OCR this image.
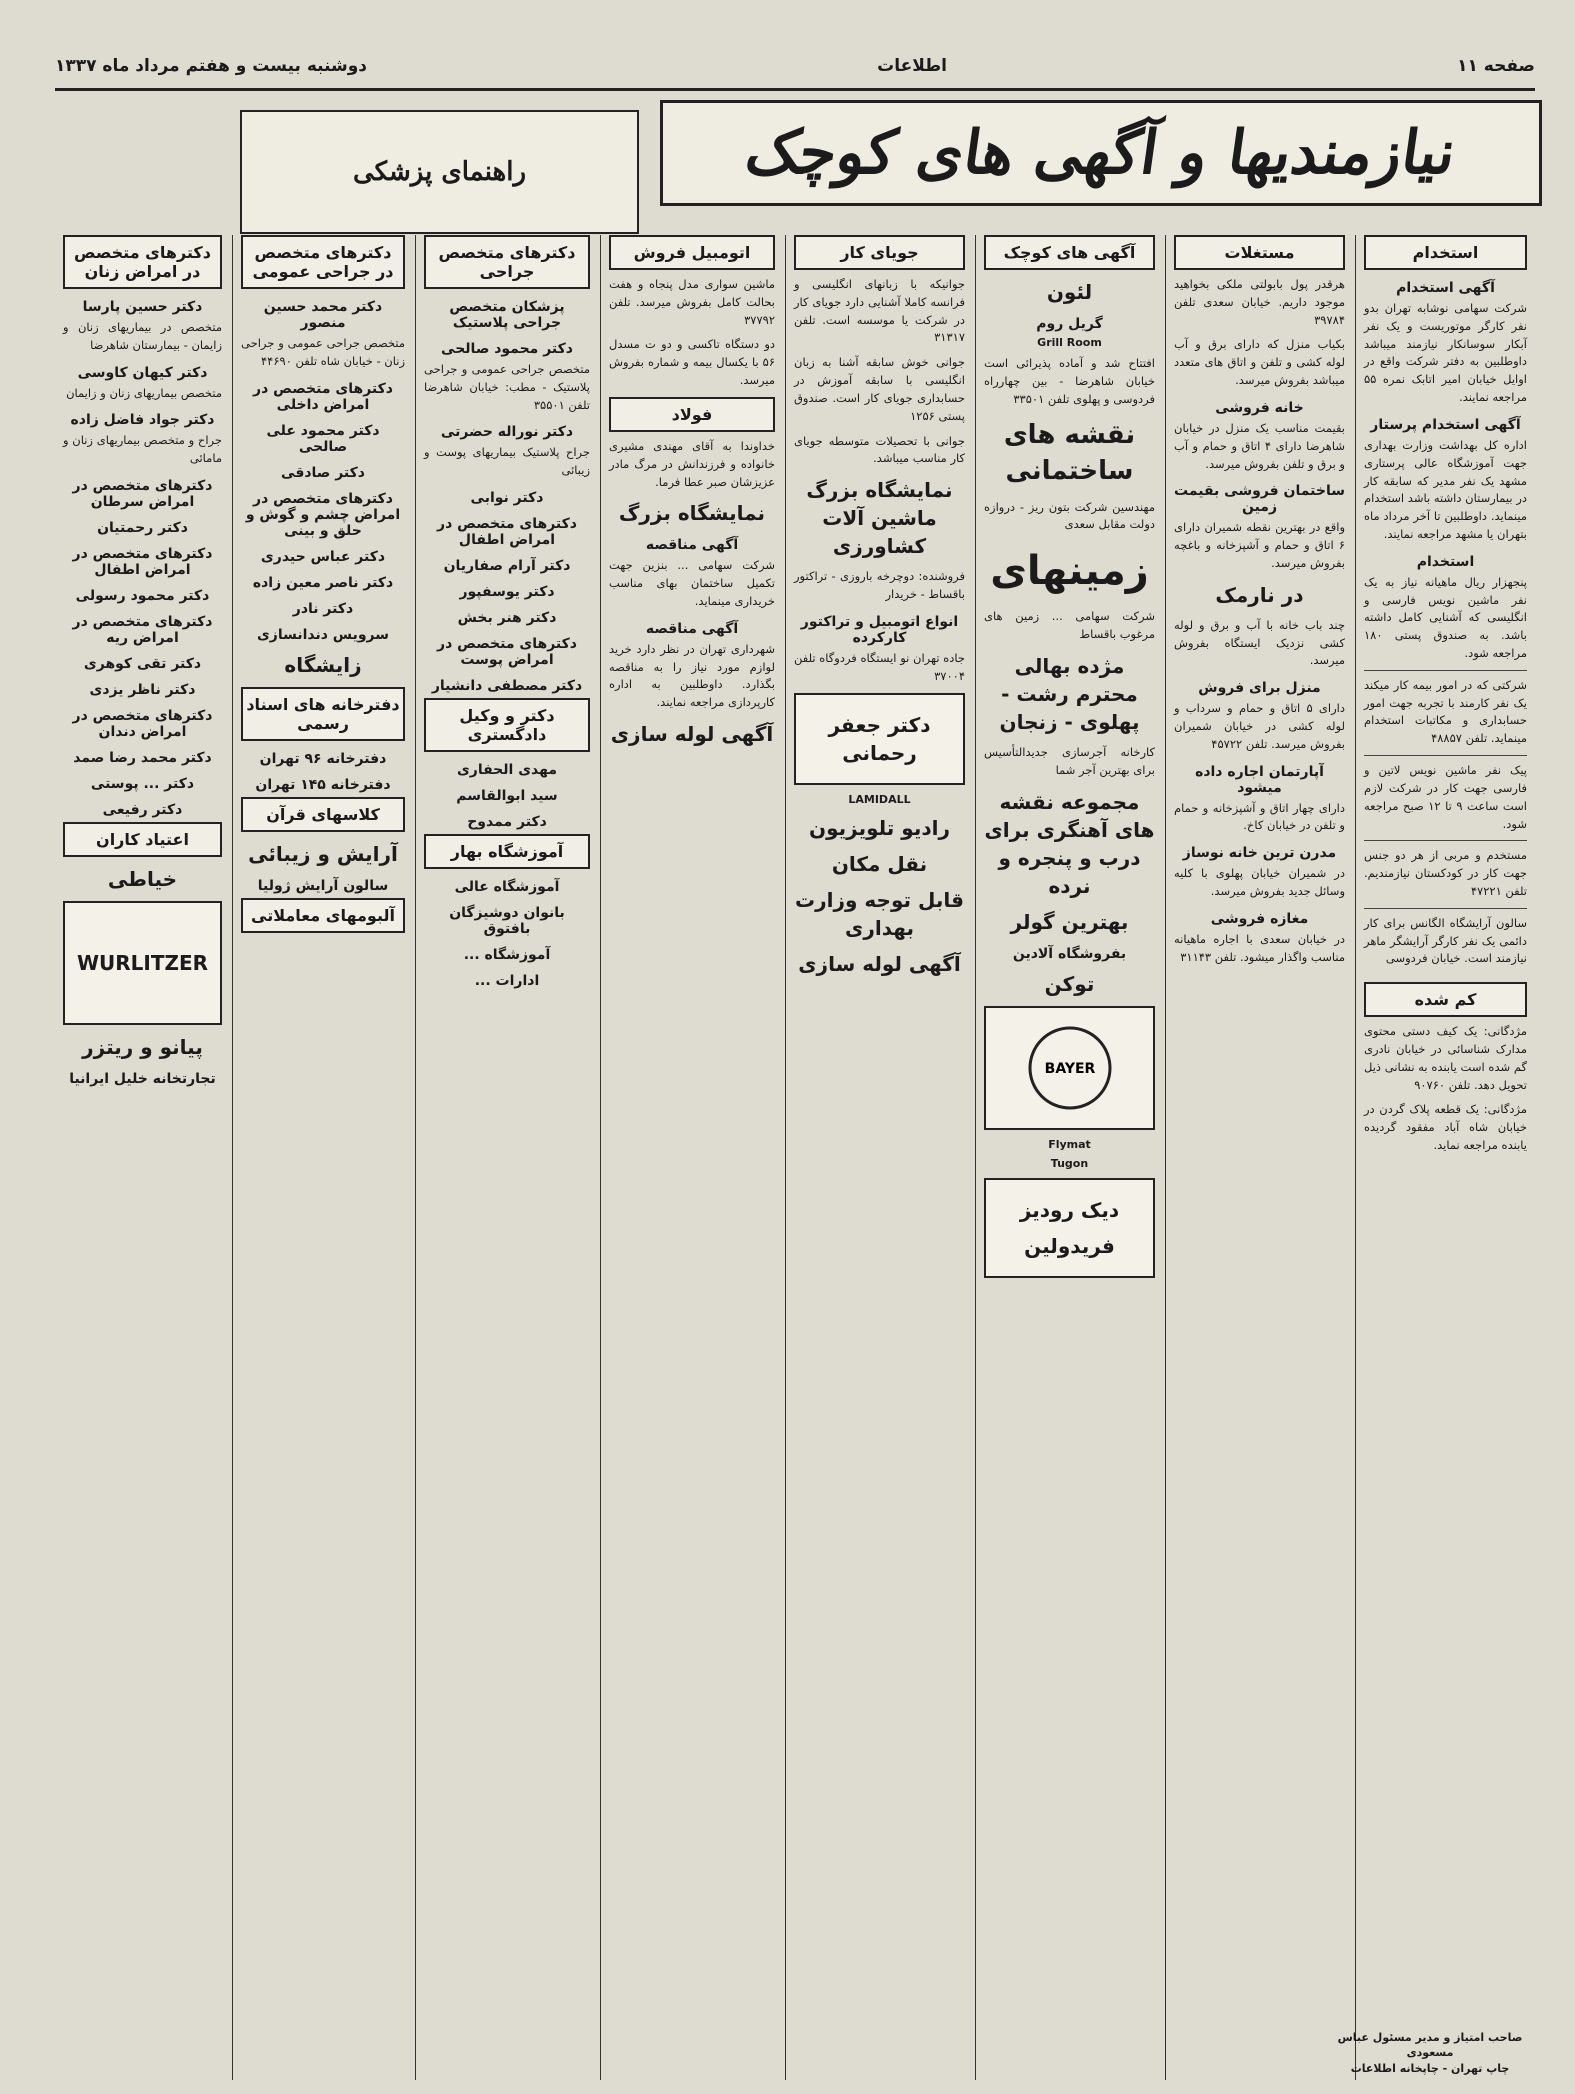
صفحه ۱۱
اطلاعات
دوشنبه بیست و هفتم مرداد ماه ۱۳۳۷
نیازمندیها و آگهی های کوچک
راهنمای پزشکی
استخدام
آگهی استخدام

شرکت سهامی نوشابه تهران بدو نفر کارگر موتوریست و یک نفر آبکار سوسانکار نیازمند میباشد داوطلبین به دفتر شرکت واقع در اوایل خیابان امیر اتابک نمره ۵۵ مراجعه نمایند.

آگهی استخدام پرستار

اداره کل بهداشت وزارت بهداری جهت آموزشگاه عالی پرستاری مشهد یک نفر مدیر که سابقه کار در بیمارستان داشته باشد استخدام مینماید. داوطلبین تا آخر مرداد ماه بتهران یا مشهد مراجعه نمایند.

استخدام

پنجهزار ریال ماهیانه نیاز به یک نفر ماشین نویس فارسی و انگلیسی که آشنایی کامل داشته باشد. به صندوق پستی ۱۸۰ مراجعه شود.

شرکتی که در امور بیمه کار میکند یک نفر کارمند با تجربه جهت امور حسابداری و مکاتبات استخدام مینماید. تلفن ۴۸۸۵۷

پیک نفر ماشین نویس لاتین و فارسی جهت کار در شرکت لازم است ساعت ۹ تا ۱۲ صبح مراجعه شود.

مستخدم و مربی از هر دو جنس جهت کار در کودکستان نیازمندیم. تلفن ۴۷۲۲۱

سالون آرایشگاه الگانس برای کار دائمی یک نفر کارگر آرایشگر ماهر نیازمند است. خیابان فردوسی

کم شده

مژدگانی: یک کیف دستی محتوی مدارک شناسائی در خیابان نادری گم شده است یابنده به نشانی ذیل تحویل دهد. تلفن ۹۰۷۶۰

مژدگانی: یک قطعه پلاک گردن در خیابان شاه آباد مفقود گردیده یابنده مراجعه نماید.

مستغلات

هرقدر پول بابولتی ملکی بخواهید موجود داریم. خیابان سعدی تلفن ۳۹۷۸۴

بکیاب منزل که دارای برق و آب لوله کشی و تلفن و اتاق های متعدد میباشد بفروش میرسد.

خانه فروشی

بقیمت مناسب یک منزل در خیابان شاهرضا دارای ۴ اتاق و حمام و آب و برق و تلفن بفروش میرسد.

ساختمان فروشی بقیمت زمین

واقع در بهترین نقطه شمیران دارای ۶ اتاق و حمام و آشپزخانه و باغچه بفروش میرسد.

در نارمک

چند باب خانه با آب و برق و لوله کشی نزدیک ایستگاه بفروش میرسد.

منزل برای فروش

دارای ۵ اتاق و حمام و سرداب و لوله کشی در خیابان شمیران بفروش میرسد. تلفن ۴۵۷۲۲

آپارتمان اجاره داده میشود

دارای چهار اتاق و آشپزخانه و حمام و تلفن در خیابان کاخ.

مدرن ترین خانه نوساز

در شمیران خیابان پهلوی با کلیه وسائل جدید بفروش میرسد.

مغازه فروشی

در خیابان سعدی با اجاره ماهیانه مناسب واگذار میشود. تلفن ۳۱۱۴۳

آگهی های کوچک
لئون
گریل روم
Grill Room

افتتاح شد و آماده پذیرائی است خیابان شاهرضا - بین چهارراه فردوسی و پهلوی تلفن ۳۳۵۰۱

نقشه های ساختمانی

مهندسین شرکت بتون ریز - دروازه دولت مقابل سعدی

زمینهای

شرکت سهامی ... زمین های مرغوب باقساط

مژده بهالی محترم رشت - پهلوی - زنجان

کارخانه آجرسازی جدیدالتأسیس برای بهترین آجر شما

مجموعه نقشه های آهنگری برای درب و پنجره و نرده
بهترین گولر
بفروشگاه آلادین
توکن
BAYER
Flymat
Tugon
دیک رودیز
فریدولین
جویای کار

جوانیکه با زبانهای انگلیسی و فرانسه کاملا آشنایی دارد جویای کار در شرکت یا موسسه است. تلفن ۳۱۳۱۷

جوانی خوش سابقه آشنا به زبان انگلیسی با سابقه آموزش در حسابداری جویای کار است. صندوق پستی ۱۲۵۶

جوانی با تحصیلات متوسطه جویای کار مناسب میباشد.

نمایشگاه بزرگ ماشین آلات کشاورزی

فروشنده: دوچرخه باروزی - تراکتور باقساط - خریدار

انواع اتومبیل و تراکتور کارکرده

جاده تهران نو ایستگاه فردوگاه تلفن ۳۷۰۰۴

دکتر جعفر رحمانی
LAMIDALL
رادیو تلویزیون
نقل مکان
قابل توجه وزارت بهداری
آگهی لوله سازی
اتومبیل فروش

ماشین سواری مدل پنجاه و هفت بحالت کامل بفروش میرسد. تلفن ۳۷۷۹۲

دو دستگاه تاکسی و دو ت مسدل ۵۶ با یکسال بیمه و شماره بفروش میرسد.

فولاد

خداوندا به آقای مهندی مشیری خانواده و فرزندانش در مرگ مادر عزیزشان صبر عطا فرما.

نمایشگاه بزرگ
آگهی مناقصه

شرکت سهامی ... بنزین جهت تکمیل ساختمان بهای مناسب خریداری مینماید.

آگهی مناقصه

شهرداری تهران در نظر دارد خرید لوازم مورد نیاز را به مناقصه بگذارد. داوطلبین به اداره کارپردازی مراجعه نمایند.

آگهی لوله سازی
دکترهای متخصص جراحی
پزشکان متخصص جراحی پلاستیک
دکتر محمود صالحی

متخصص جراحی عمومی و جراحی پلاستیک - مطب: خیابان شاهرضا تلفن ۳۵۵۰۱

دکتر نوراله حضرتی

جراح پلاستیک بیماریهای پوست و زیبائی

دکتر نوابی
دکترهای متخصص در امراض اطفال
دکتر آرام صفاریان
دکتر یوسفپور
دکتر هنر بخش
دکترهای متخصص در امراض پوست
دکتر مصطفی دانشیار
دکتر و وکیل دادگستری
مهدی الحفاری
سید ابوالقاسم
دکتر ممدوح
آموزشگاه بهار
آموزشگاه عالی
بانوان دوشیزگان بافتوق
آموزشگاه ...
ادارات ...
دکترهای متخصص در جراحی عمومی
دکتر محمد حسین منصور

متخصص جراحی عمومی و جراحی زنان - خیابان شاه تلفن ۴۴۶۹۰

دکترهای متخصص در امراض داخلی
دکتر محمود علی صالحی
دکتر صادقی
دکترهای متخصص در امراض چشم و گوش و حلق و بینی
دکتر عباس حیدری
دکتر ناصر معین زاده
دکتر نادر
سرویس دندانسازی
زایشگاه
دفترخانه های اسناد رسمی
دفترخانه ۹۶ تهران
دفترخانه ۱۴۵ تهران
کلاسهای قرآن
آرایش و زیبائی
سالون آرایش ژولیا
آلبومهای معاملاتی
دکترهای متخصص در امراض زنان
دکتر حسین پارسا

متخصص در بیماریهای زنان و زایمان - بیمارستان شاهرضا

دکتر کیهان کاوسی

متخصص بیماریهای زنان و زایمان

دکتر جواد فاضل زاده

جراح و متخصص بیماریهای زنان و مامائی

دکترهای متخصص در امراض سرطان
دکتر رحمتیان
دکترهای متخصص در امراض اطفال
دکتر محمود رسولی
دکترهای متخصص در امراض ریه
دکتر تقی کوهری
دکتر ناظر یزدی
دکترهای متخصص در امراض دندان
دکتر محمد رضا صمد
دکتر ... پوستی
دکتر رفیعی
اعتیاد کاران
خیاطی
WURLITZER
پیانو و ریتزر
تجارتخانه خلیل ایرانیا
صاحب امتیاز و مدیر مسئول عباس مسعودی
چاپ تهران - چاپخانه اطلاعات
